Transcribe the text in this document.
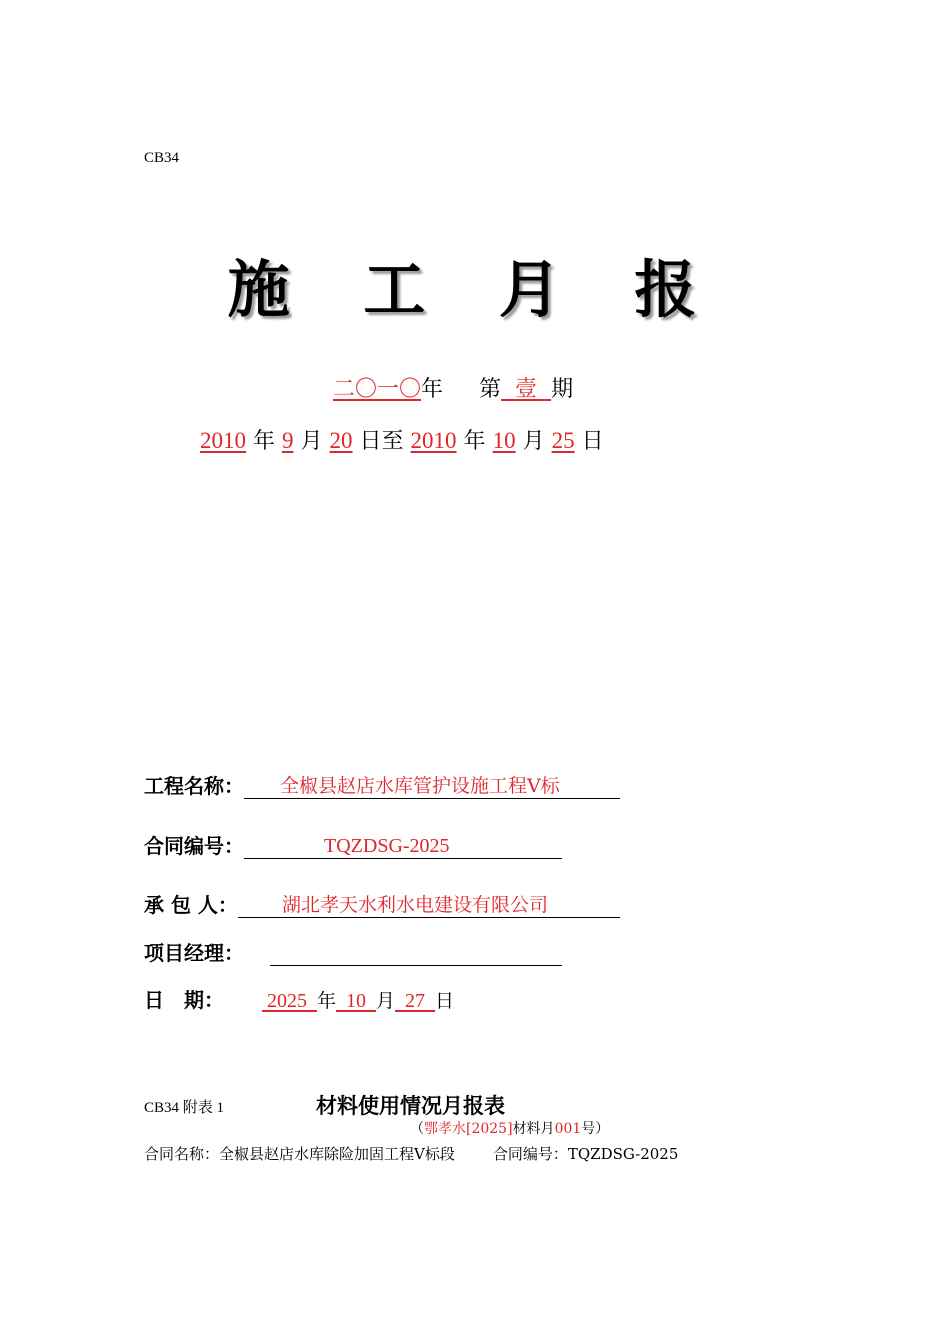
CB34
施 工 月 报
二〇一〇年 第 壹 期
2010 年 9 月 20 日至 2010 年 10 月 25 日
工程名称： 全椒县赵店水库管护设施工程Ⅴ标
合同编号：	TQZDSG-2025
承 包 人： 湖北孝天水利水电建设有限公司
项目经理：
日　期： 2025 年 10 月 27 日
CB34 附表 1	材料使用情况月报表
（鄂孝水[2025]材料月001号）
合同名称：全椒县赵店水库除险加固工程Ⅴ标段	合同编号：TQZDSG-2025
